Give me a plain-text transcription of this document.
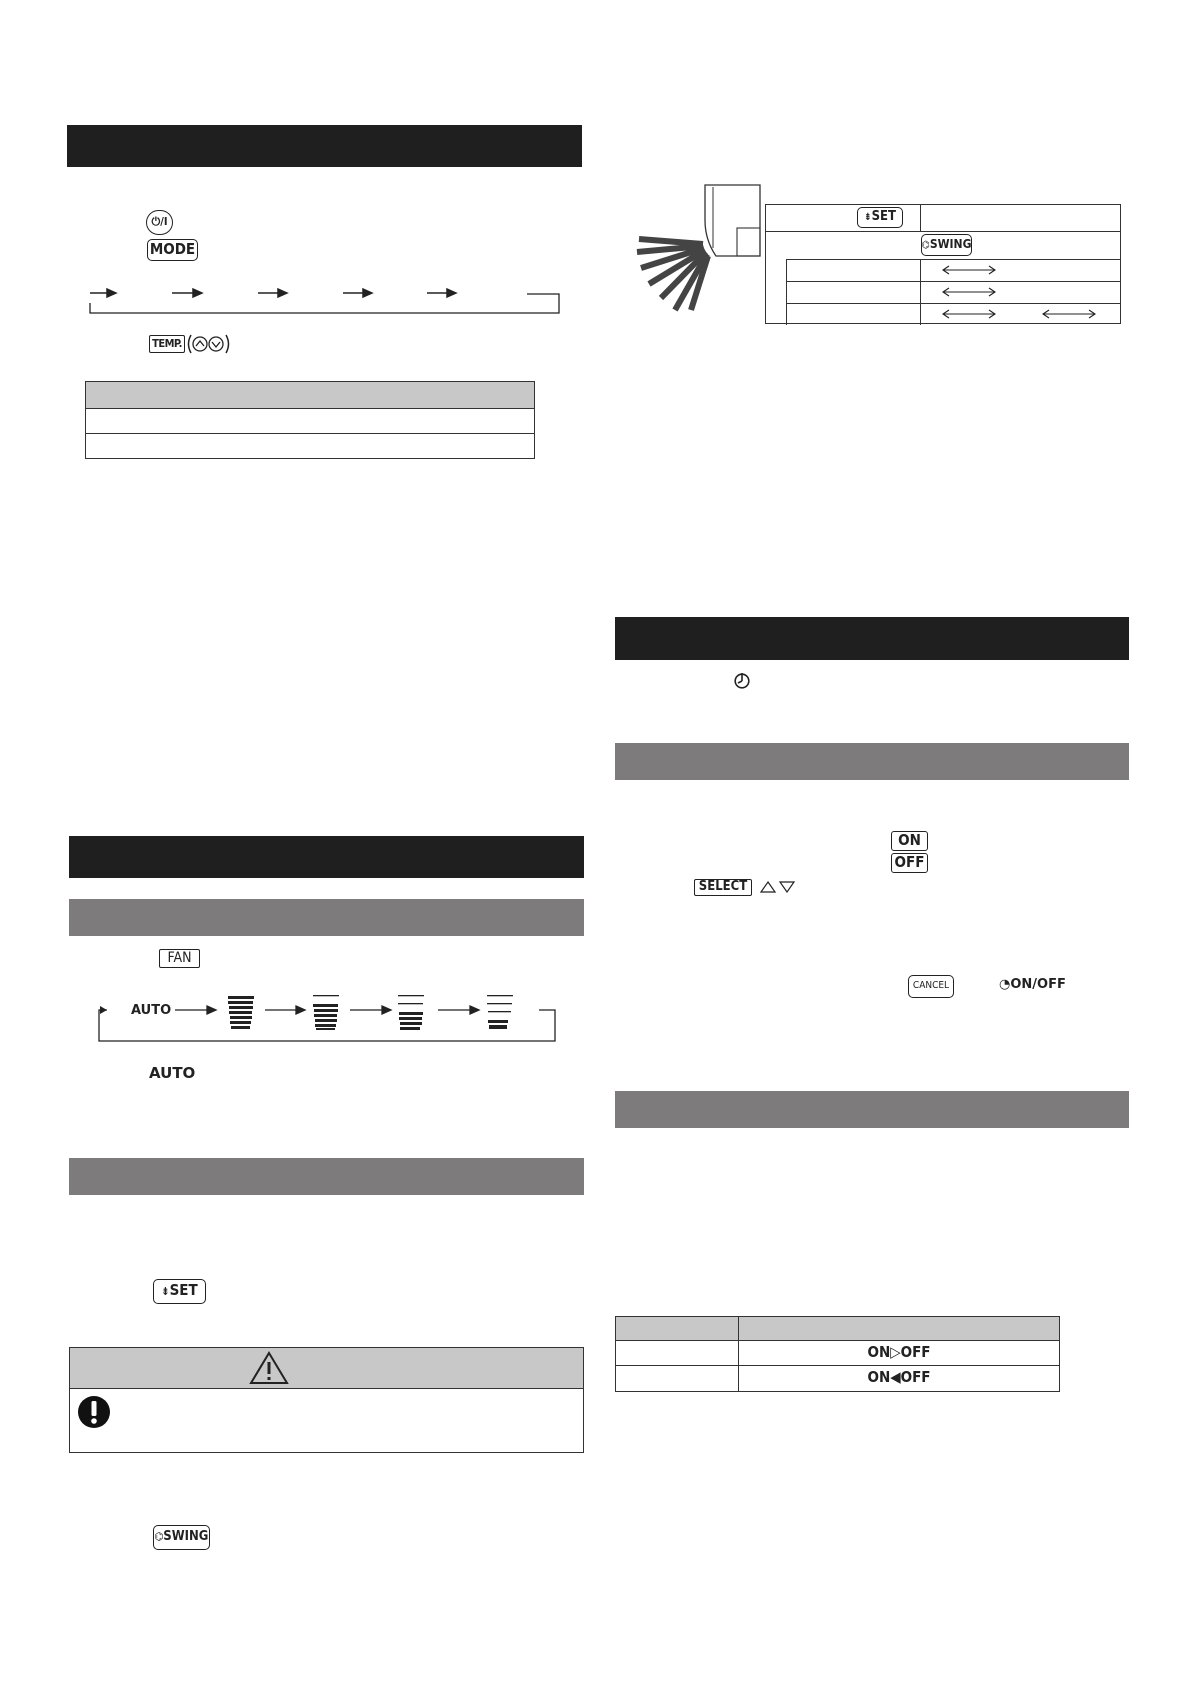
⏻/I
MODE
TEMP.
FAN
AUTO
AUTO
⇟SET
⌬SWING
⇟SET
⌬SWING
ON
OFF
SELECT
CANCEL	◔ON/OFF
ON▷OFF
ON◀OFF
